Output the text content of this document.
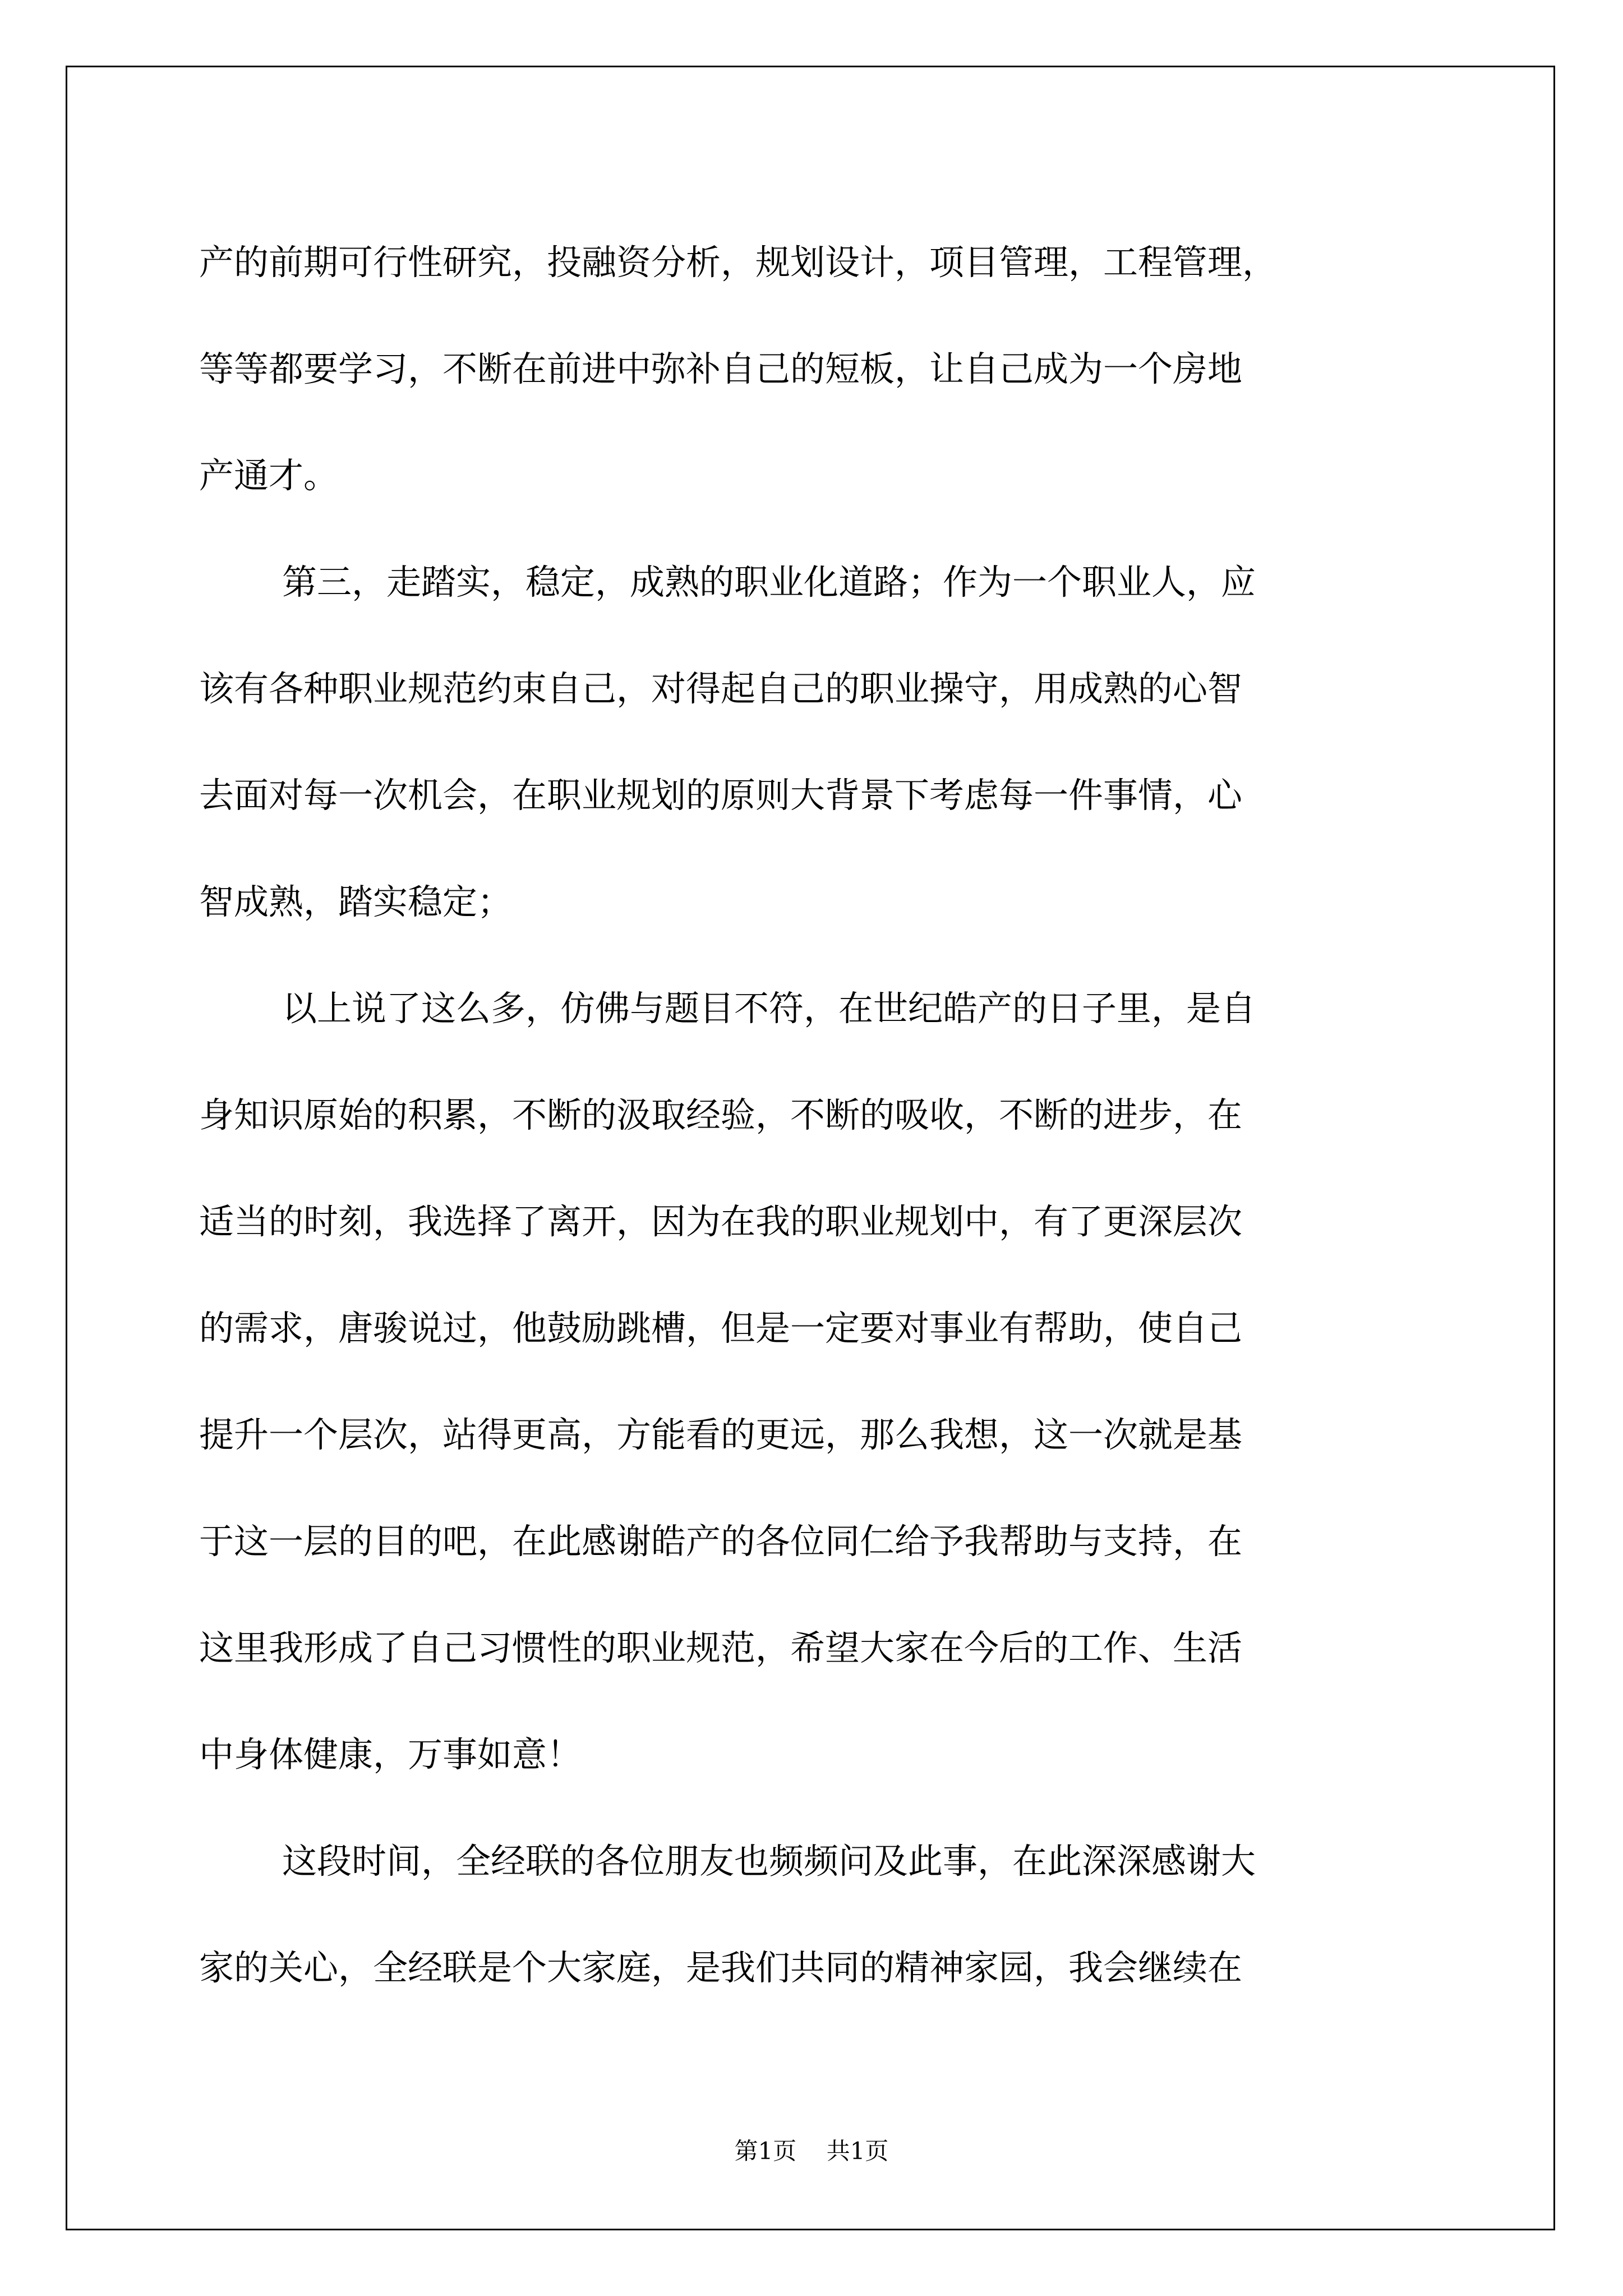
产的前期可行性研究，投融资分析，规划设计，项目管理，工程管理，
等等都要学习，不断在前进中弥补自己的短板，让自己成为一个房地
产通才。
第三，走踏实，稳定，成熟的职业化道路；作为一个职业人，应
该有各种职业规范约束自己，对得起自己的职业操守，用成熟的心智
去面对每一次机会，在职业规划的原则大背景下考虑每一件事情，心
智成熟，踏实稳定；
以上说了这么多，仿佛与题目不符，在世纪皓产的日子里，是自
身知识原始的积累，不断的汲取经验，不断的吸收，不断的进步，在
适当的时刻，我选择了离开，因为在我的职业规划中，有了更深层次
的需求，唐骏说过，他鼓励跳槽，但是一定要对事业有帮助，使自己
提升一个层次，站得更高，方能看的更远，那么我想，这一次就是基
于这一层的目的吧，在此感谢皓产的各位同仁给予我帮助与支持，在
这里我形成了自己习惯性的职业规范，希望大家在今后的工作、生活
中身体健康，万事如意！
这段时间，全经联的各位朋友也频频问及此事，在此深深感谢大
家的关心，全经联是个大家庭，是我们共同的精神家园，我会继续在
第1页 共1页
